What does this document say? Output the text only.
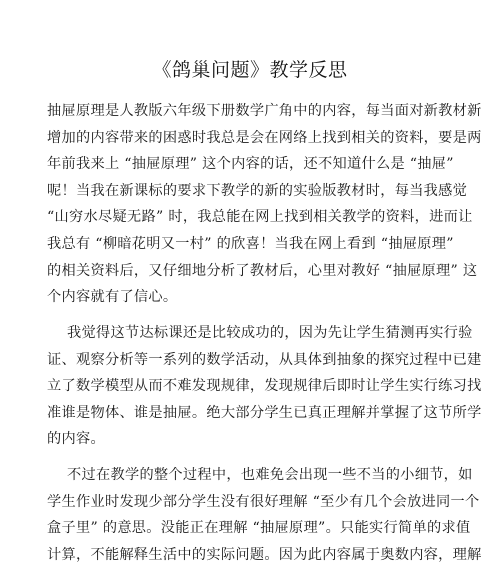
《鸽巢问题》教学反思
抽屉原理是人教版六年级下册数学广角中的内容，每当面对新教材新
增加的内容带来的困惑时我总是会在网络上找到相关的资料，要是两
年前我来上 “抽屉原理” 这个内容的话，还不知道什么是 “抽屉”
呢！当我在新课标的要求下教学的新的实验版教材时，每当我感觉
“山穷水尽疑无路” 时，我总能在网上找到相关教学的资料，进而让
我总有 “柳暗花明又一村” 的欣喜！当我在网上看到 “抽屉原理”
的相关资料后，又仔细地分析了教材后，心里对教好 “抽屉原理” 这
个内容就有了信心。
我觉得这节达标课还是比较成功的，因为先让学生猜测再实行验
证、观察分析等一系列的数学活动，从具体到抽象的探究过程中已建
立了数学模型从而不难发现规律，发现规律后即时让学生实行练习找
准谁是物体、谁是抽屉。绝大部分学生已真正理解并掌握了这节所学
的内容。
不过在教学的整个过程中，也难免会出现一些不当的小细节，如
学生作业时发现少部分学生没有很好理解 “至少有几个会放进同一个
盒子里” 的意思。没能正在理解 “抽屉原理”。只能实行简单的求值
计算，不能解释生活中的实际问题。因为此内容属于奥数内容，理解
